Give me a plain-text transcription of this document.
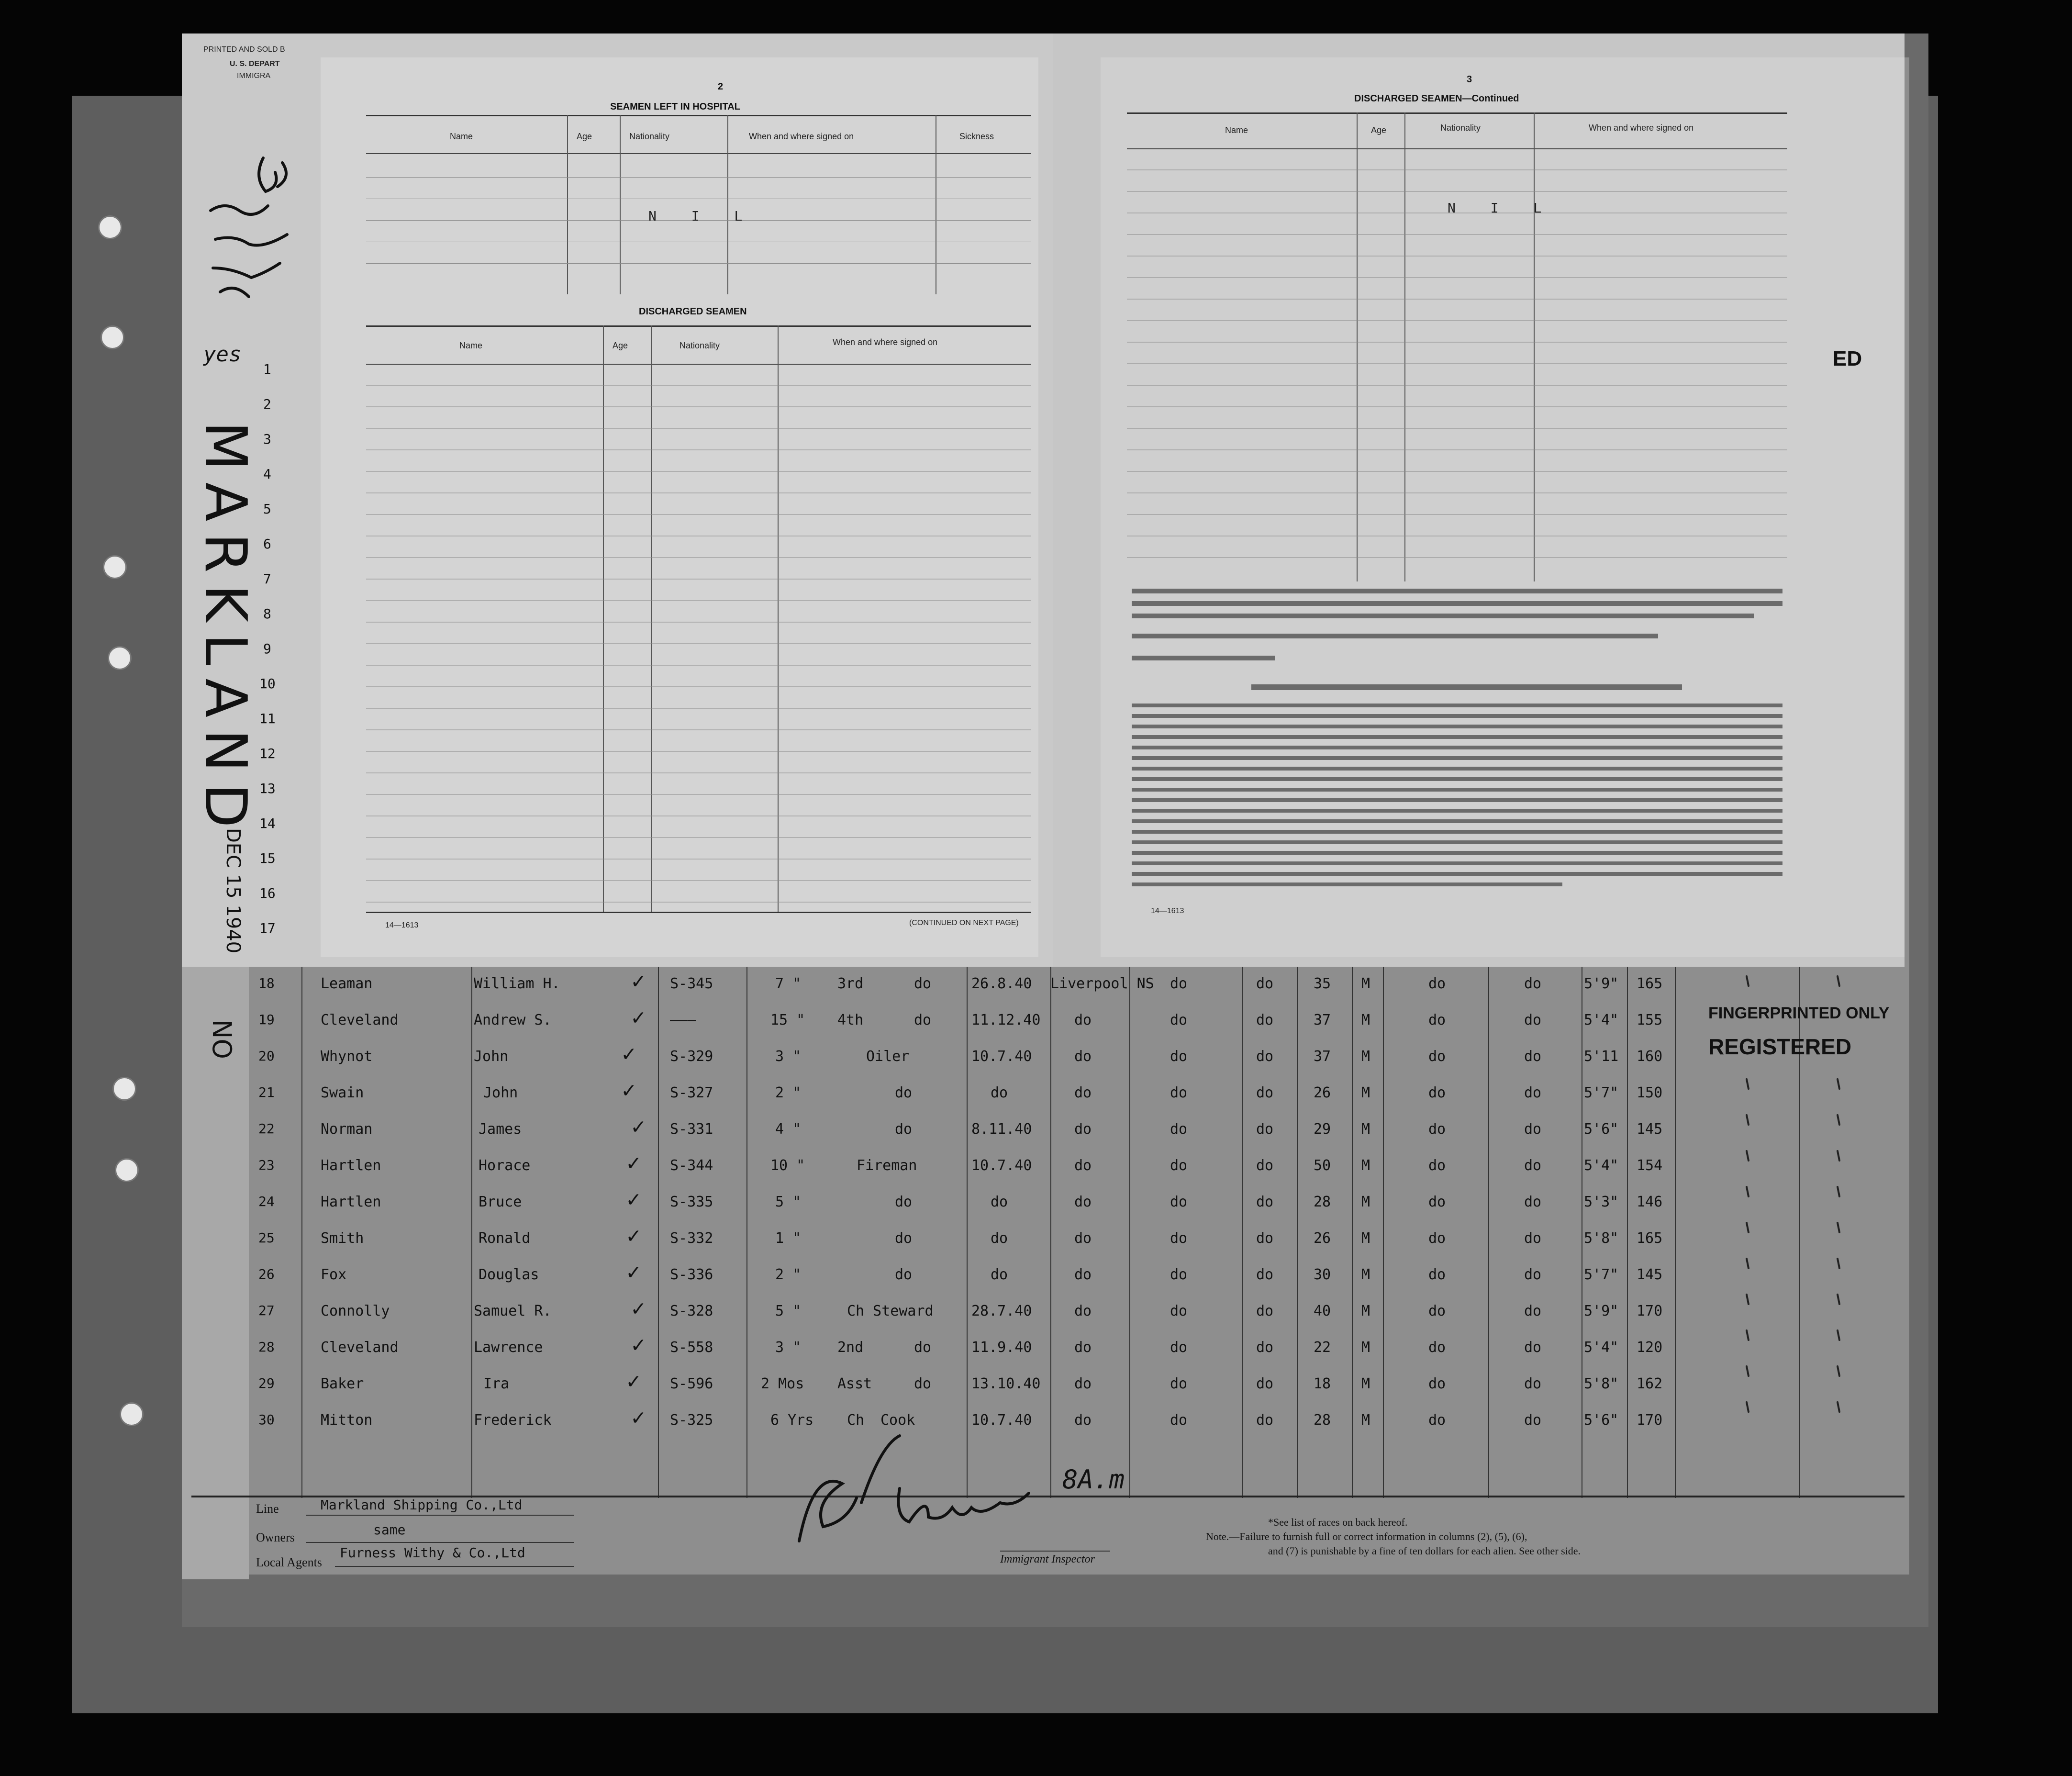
PRINTED AND SOLD B
U. S. DEPART
IMMIGRA
2
SEAMEN LEFT IN HOSPITAL
Name	Age	Nationality	When and where signed on	Sickness
N I L
DISCHARGED SEAMEN
Name	Age	Nationality	When and where signed on
14—1613	(CONTINUED ON NEXT PAGE)
3
DISCHARGED SEAMEN—Continued
Name	Age	Nationality	When and where signed on
N I L
14—1613
ED
yes
MARKLAND
DEC 15 1940
NO
1
2
3
4
5
6
7
8
9
10
11
12
13
14
15
16
17
18	Leaman	William H.	✓ S-345	7 "	3rd	do	26.8.40 Liverpool NS do	do	35 M	do	do	5'9" 165
19	Cleveland	Andrew S.	✓ ———	15 " 4th	do	11.12.40 do	do	do	37 M	do	do	5'4" 155
20	Whynot	John	✓ S-329	3 "	Oiler	10.7.40	do	do	do	37 M	do	do	5'11 160
21	Swain	John	✓ S-327	2 "	do	do	do	do	do	26 M	do	do	5'7" 150
22	Norman	James	✓ S-331	4 "	do	8.11.40	do	do	do	29 M	do	do	5'6" 145
23	Hartlen	Horace	✓ S-344	10 "	Fireman	10.7.40	do	do	do	50 M	do	do	5'4" 154
24	Hartlen	Bruce	✓ S-335	5 "	do	do	do	do	do	28 M	do	do	5'3" 146
25	Smith	Ronald	✓ S-332	1 "	do	do	do	do	do	26 M	do	do	5'8" 165
26	Fox	Douglas	✓ S-336	2 "	do	do	do	do	do	30 M	do	do	5'7" 145
27	Connolly	Samuel R.	✓ S-328	5 "	Ch Steward	28.7.40	do	do	do	40 M	do	do	5'9" 170
28	Cleveland	Lawrence	✓ S-558	3 "	2nd	do	11.9.40	do	do	do	22 M	do	do	5'4" 120
29	Baker	Ira	✓ S-596	2 Mos Asst	do	13.10.40 do	do	do	18 M	do	do	5'8" 162
30	Mitton	Frederick	✓ S-325	6 Yrs Ch Cook	10.7.40	do	do	do	28 M	do	do	5'6" 170
FINGERPRINTED ONLY
REGISTERED
Line	Markland Shipping Co.,Ltd
Owners	same
Local Agents
Furness Withy & Co.,Ltd	Immigrant Inspector
8A.m
*See list of races on back hereof.
Note.—Failure to furnish full or correct information in columns (2), (5), (6),
and (7) is punishable by a fine of ten dollars for each alien. See other side.
